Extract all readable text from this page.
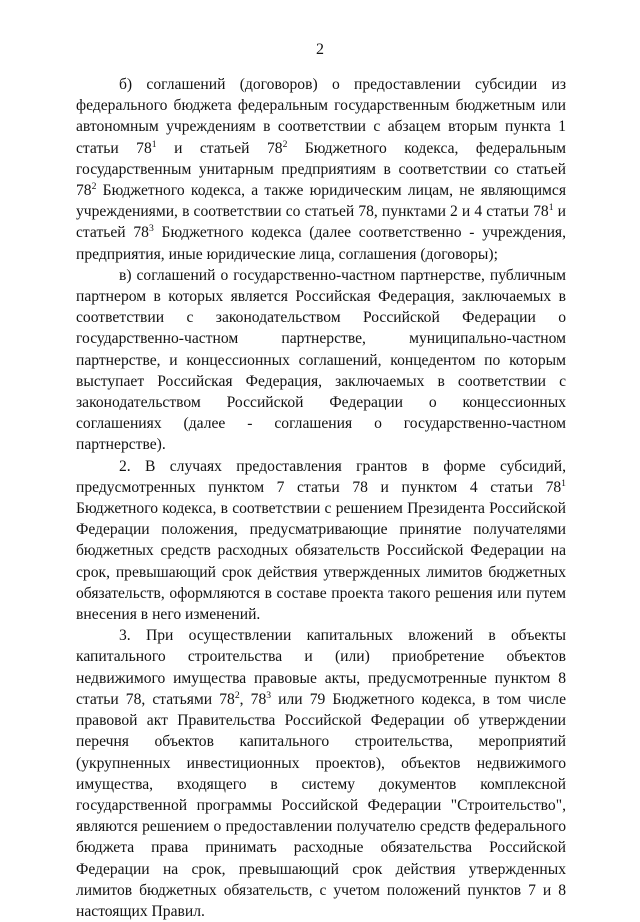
2

б) соглашений (договоров) о предоставлении субсидии из федерального бюджета федеральным государственным бюджетным или автономным учреждениям в соответствии с абзацем вторым пункта 1 статьи $78^1$ и статьей $78^2$ Бюджетного кодекса, федеральным государственным унитарным предприятиям в соответствии со статьей $78^2$ Бюджетного кодекса, а также юридическим лицам, не являющимся учреждениями, в соответствии со статьей 78, пунктами 2 и 4 статьи $78^1$ и статьей $78^3$ Бюджетного кодекса (далее соответственно - учреждения, предприятия, иные юридические лица, соглашения (договоры);

в) соглашений о государственно-частном партнерстве, публичным партнером в которых является Российская Федерация, заключаемых в соответствии с законодательством Российской Федерации о государственно-частном партнерстве, муниципально-частном партнерстве, и концессионных соглашений, концедентом по которым выступает Российская Федерация, заключаемых в соответствии с законодательством Российской Федерации о концессионных соглашениях (далее - соглашения о государственно-частном партнерстве).

2. В случаях предоставления грантов в форме субсидий, предусмотренных пунктом 7 статьи 78 и пунктом 4 статьи $78^1$ Бюджетного кодекса, в соответствии с решением Президента Российской Федерации положения, предусматривающие принятие получателями бюджетных средств расходных обязательств Российской Федерации на срок, превышающий срок действия утвержденных лимитов бюджетных обязательств, оформляются в составе проекта такого решения или путем внесения в него изменений.

3. При осуществлении капитальных вложений в объекты капитального строительства и (или) приобретение объектов недвижимого имущества правовые акты, предусмотренные пунктом 8 статьи 78, статьями $78^2$, $78^3$ или 79 Бюджетного кодекса, в том числе правовой акт Правительства Российской Федерации об утверждении перечня объектов капитального строительства, мероприятий (укрупненных инвестиционных проектов), объектов недвижимого имущества, входящего в систему документов комплексной государственной программы Российской Федерации "Строительство", являются решением о предоставлении получателю средств федерального бюджета права принимать расходные обязательства Российской Федерации на срок, превышающий срок действия утвержденных лимитов бюджетных обязательств, с учетом положений пунктов 7 и 8 настоящих Правил.
